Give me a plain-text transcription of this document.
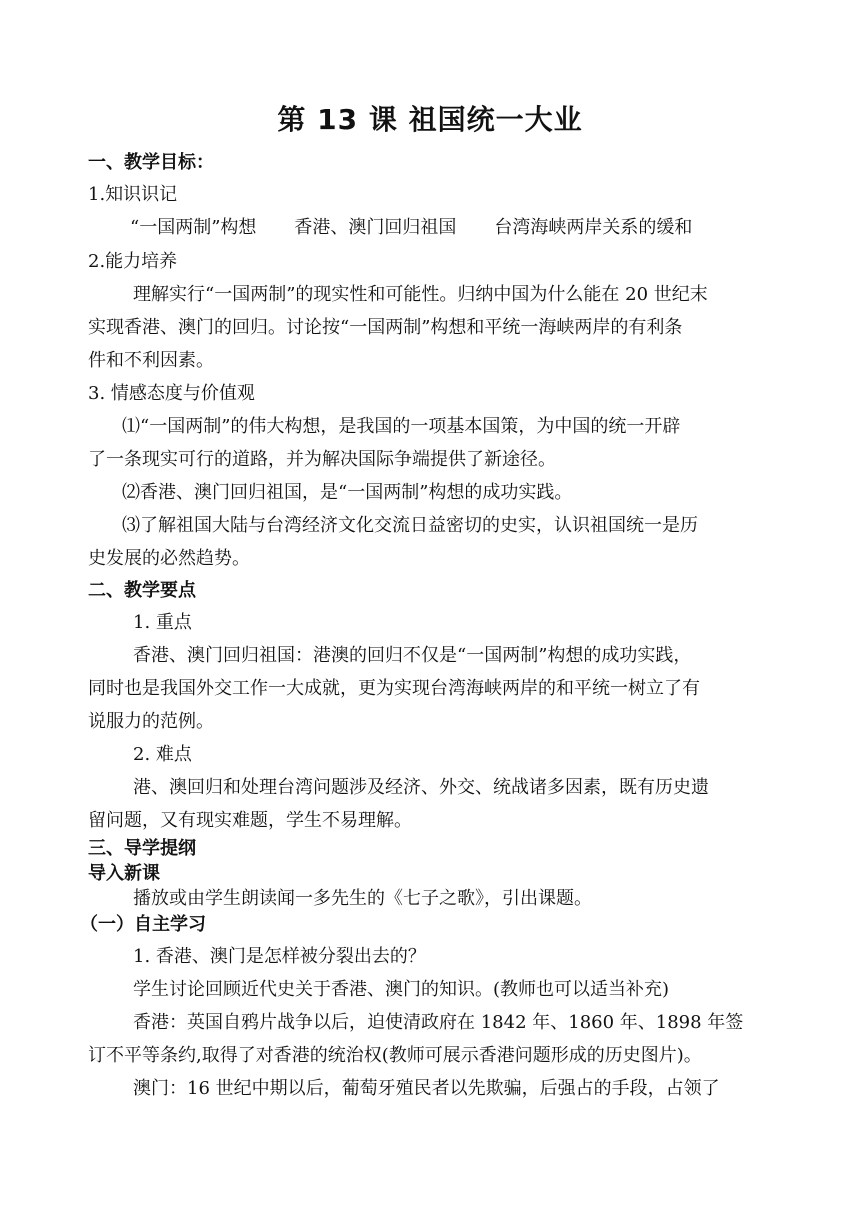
第 13 课 祖国统一大业
一、教学目标：
1.知识识记
“一国两制”构想 香港、澳门回归祖国 台湾海峡两岸关系的缓和
2.能力培养
理解实行“一国两制”的现实性和可能性。归纳中国为什么能在 20 世纪末
实现香港、澳门的回归。讨论按“一国两制”构想和平统一海峡两岸的有利条
件和不利因素。
3. 情感态度与价值观
⑴“一国两制”的伟大构想，是我国的一项基本国策，为中国的统一开辟
了一条现实可行的道路，并为解决国际争端提供了新途径。
⑵香港、澳门回归祖国，是“一国两制”构想的成功实践。
⑶了解祖国大陆与台湾经济文化交流日益密切的史实，认识祖国统一是历
史发展的必然趋势。
二、教学要点
1. 重点
香港、澳门回归祖国：港澳的回归不仅是“一国两制”构想的成功实践，
同时也是我国外交工作一大成就，更为实现台湾海峡两岸的和平统一树立了有
说服力的范例。
2. 难点
港、澳回归和处理台湾问题涉及经济、外交、统战诸多因素，既有历史遗
留问题，又有现实难题，学生不易理解。
三、导学提纲
导入新课
播放或由学生朗读闻一多先生的《七子之歌》，引出课题。
（一）自主学习
1. 香港、澳门是怎样被分裂出去的？
学生讨论回顾近代史关于香港、澳门的知识。(教师也可以适当补充)
香港：英国自鸦片战争以后，迫使清政府在 1842 年、1860 年、1898 年签
订不平等条约,取得了对香港的统治权(教师可展示香港问题形成的历史图片)。
澳门：16 世纪中期以后，葡萄牙殖民者以先欺骗，后强占的手段，占领了
